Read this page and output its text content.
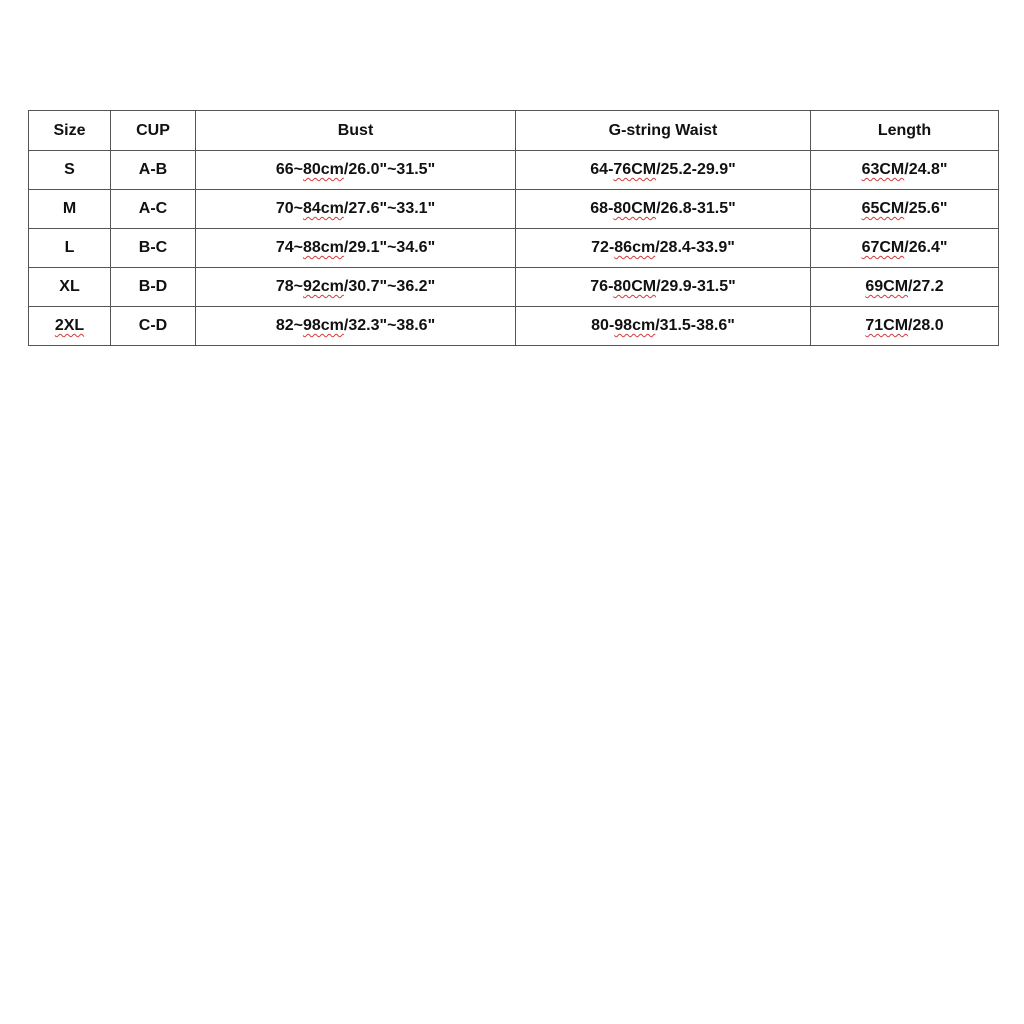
Size	CUP	Bust	G-string Waist	Length
S	A-B	66~80cm/26.0"~31.5"	64-76CM/25.2-29.9"	63CM/24.8"
M	A-C	70~84cm/27.6"~33.1"	68-80CM/26.8-31.5"	65CM/25.6"
L	B-C	74~88cm/29.1"~34.6"	72-86cm/28.4-33.9"	67CM/26.4"
XL	B-D	78~92cm/30.7"~36.2"	76-80CM/29.9-31.5"	69CM/27.2
2XL	C-D	82~98cm/32.3"~38.6"	80-98cm/31.5-38.6"	71CM/28.0
